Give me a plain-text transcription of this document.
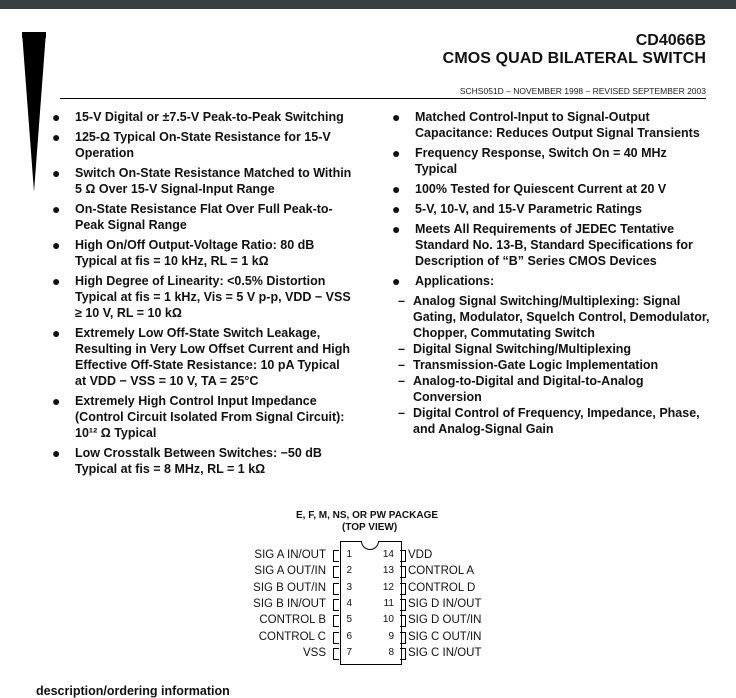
CD4066B
CMOS QUAD BILATERAL SWITCH
SCHS051D – NOVEMBER 1998 – REVISED SEPTEMBER 2003
● 15-V Digital or ±7.5-V Peak-to-Peak Switching
● 125-Ω Typical On-State Resistance for 15-V Operation
● Switch On-State Resistance Matched to Within 5 Ω Over 15-V Signal-Input Range
● On-State Resistance Flat Over Full Peak-to-Peak Signal Range
● High On/Off Output-Voltage Ratio: 80 dB Typical at fis = 10 kHz, RL = 1 kΩ
● High Degree of Linearity: <0.5% Distortion Typical at fis = 1 kHz, Vis = 5 V p-p, VDD − VSS ≥ 10 V, RL = 10 kΩ
● Extremely Low Off-State Switch Leakage, Resulting in Very Low Offset Current and High Effective Off-State Resistance: 10 pA Typical at VDD − VSS = 10 V, TA = 25°C
● Extremely High Control Input Impedance (Control Circuit Isolated From Signal Circuit): 10¹² Ω Typical
● Low Crosstalk Between Switches: −50 dB Typical at fis = 8 MHz, RL = 1 kΩ
● Matched Control-Input to Signal-Output Capacitance: Reduces Output Signal Transients
● Frequency Response, Switch On = 40 MHz Typical
● 100% Tested for Quiescent Current at 20 V
● 5-V, 10-V, and 15-V Parametric Ratings
● Meets All Requirements of JEDEC Tentative Standard No. 13-B, Standard Specifications for Description of “B” Series CMOS Devices
● Applications:
– Analog Signal Switching/Multiplexing: Signal Gating, Modulator, Squelch Control, Demodulator, Chopper, Commutating Switch
– Digital Signal Switching/Multiplexing
– Transmission-Gate Logic Implementation
– Analog-to-Digital and Digital-to-Analog Conversion
– Digital Control of Frequency, Impedance, Phase, and Analog-Signal Gain
E, F, M, NS, OR PW PACKAGE
(TOP VIEW)
SIG A IN/OUT 1
SIG A OUT/IN 2
SIG B OUT/IN 3
SIG B IN/OUT 4
CONTROL B 5
CONTROL C 6
VSS 7
14 VDD
13 CONTROL A
12 CONTROL D
11 SIG D IN/OUT
10 SIG D OUT/IN
9 SIG C OUT/IN
8 SIG C IN/OUT
description/ordering information
